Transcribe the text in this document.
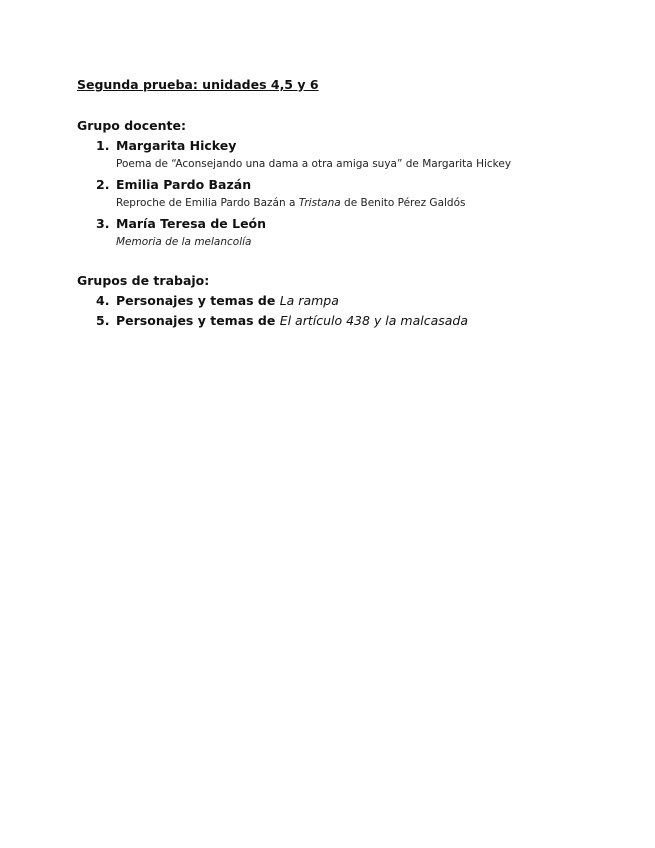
Segunda prueba: unidades 4,5 y 6
Grupo docente:
1. Margarita Hickey
Poema de “Aconsejando una dama a otra amiga suya” de Margarita Hickey
2. Emilia Pardo Bazán
Reproche de Emilia Pardo Bazán a Tristana de Benito Pérez Galdós
3. María Teresa de León
Memoria de la melancolía
Grupos de trabajo:
4. Personajes y temas de La rampa
5. Personajes y temas de El artículo 438 y la malcasada
